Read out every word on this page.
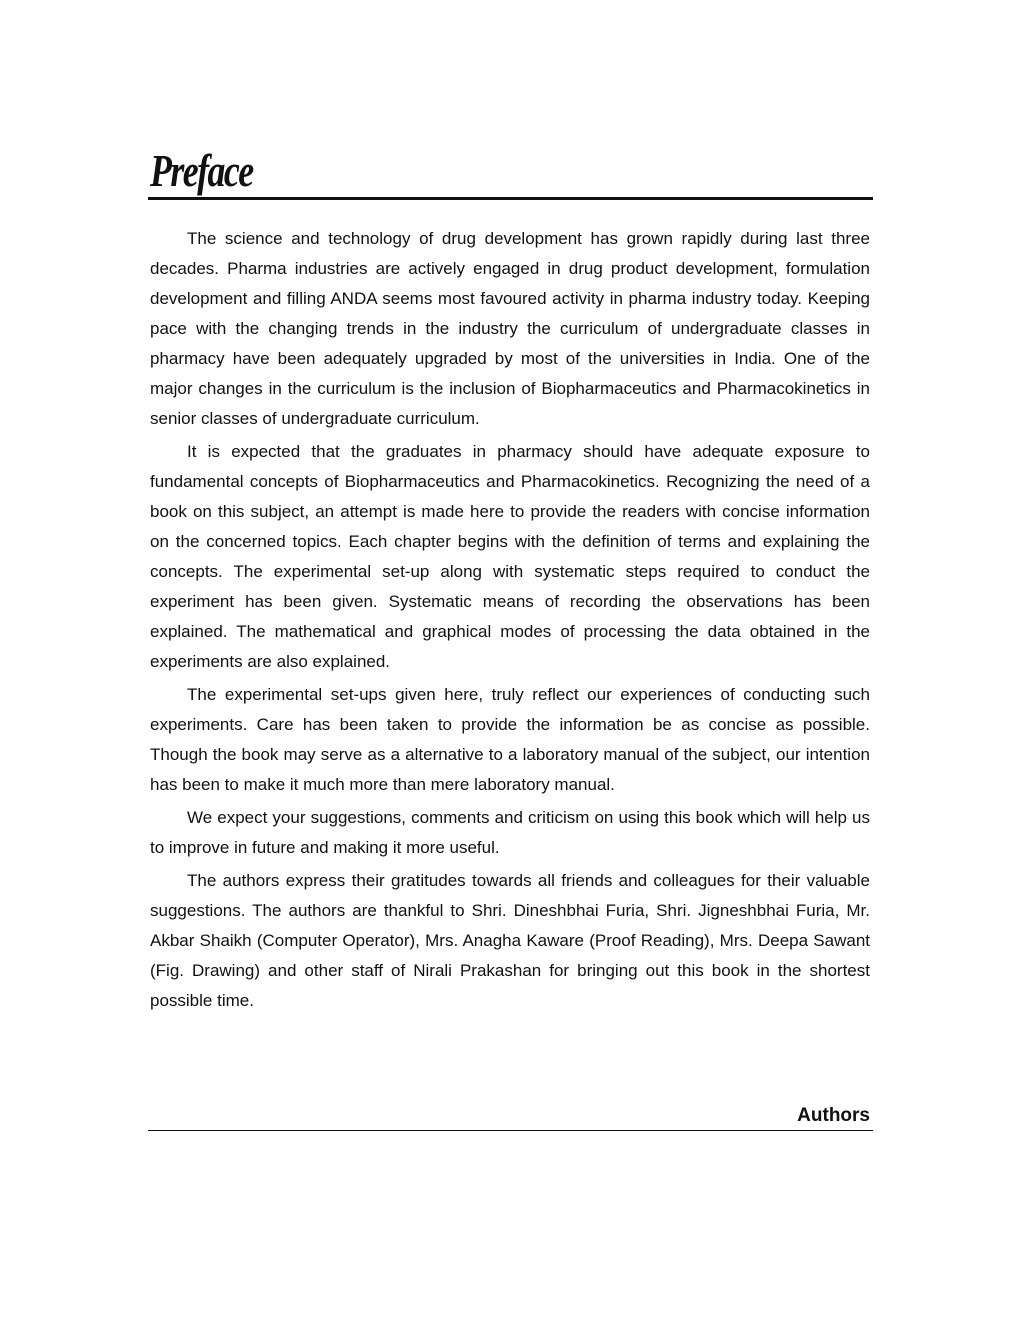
Preface

The science and technology of drug development has grown rapidly during last three decades. Pharma industries are actively engaged in drug product development, formulation development and filling ANDA seems most favoured activity in pharma industry today. Keeping pace with the changing trends in the industry the curriculum of undergraduate classes in pharmacy have been adequately upgraded by most of the universities in India. One of the major changes in the curriculum is the inclusion of Biopharmaceutics and Pharmacokinetics in senior classes of undergraduate curriculum.

It is expected that the graduates in pharmacy should have adequate exposure to fundamental concepts of Biopharmaceutics and Pharmacokinetics. Recognizing the need of a book on this subject, an attempt is made here to provide the readers with concise information on the concerned topics. Each chapter begins with the definition of terms and explaining the concepts. The experimental set-up along with systematic steps required to conduct the experiment has been given. Systematic means of recording the observations has been explained. The mathematical and graphical modes of processing the data obtained in the experiments are also explained.

The experimental set-ups given here, truly reflect our experiences of conducting such experiments. Care has been taken to provide the information be as concise as possible. Though the book may serve as a alternative to a laboratory manual of the subject, our intention has been to make it much more than mere laboratory manual.

We expect your suggestions, comments and criticism on using this book which will help us to improve in future and making it more useful.

The authors express their gratitudes towards all friends and colleagues for their valuable suggestions. The authors are thankful to Shri. Dineshbhai Furia, Shri. Jigneshbhai Furia, Mr. Akbar Shaikh (Computer Operator), Mrs. Anagha Kaware (Proof Reading), Mrs. Deepa Sawant (Fig. Drawing) and other staff of Nirali Prakashan for bringing out this book in the shortest possible time.

Authors
